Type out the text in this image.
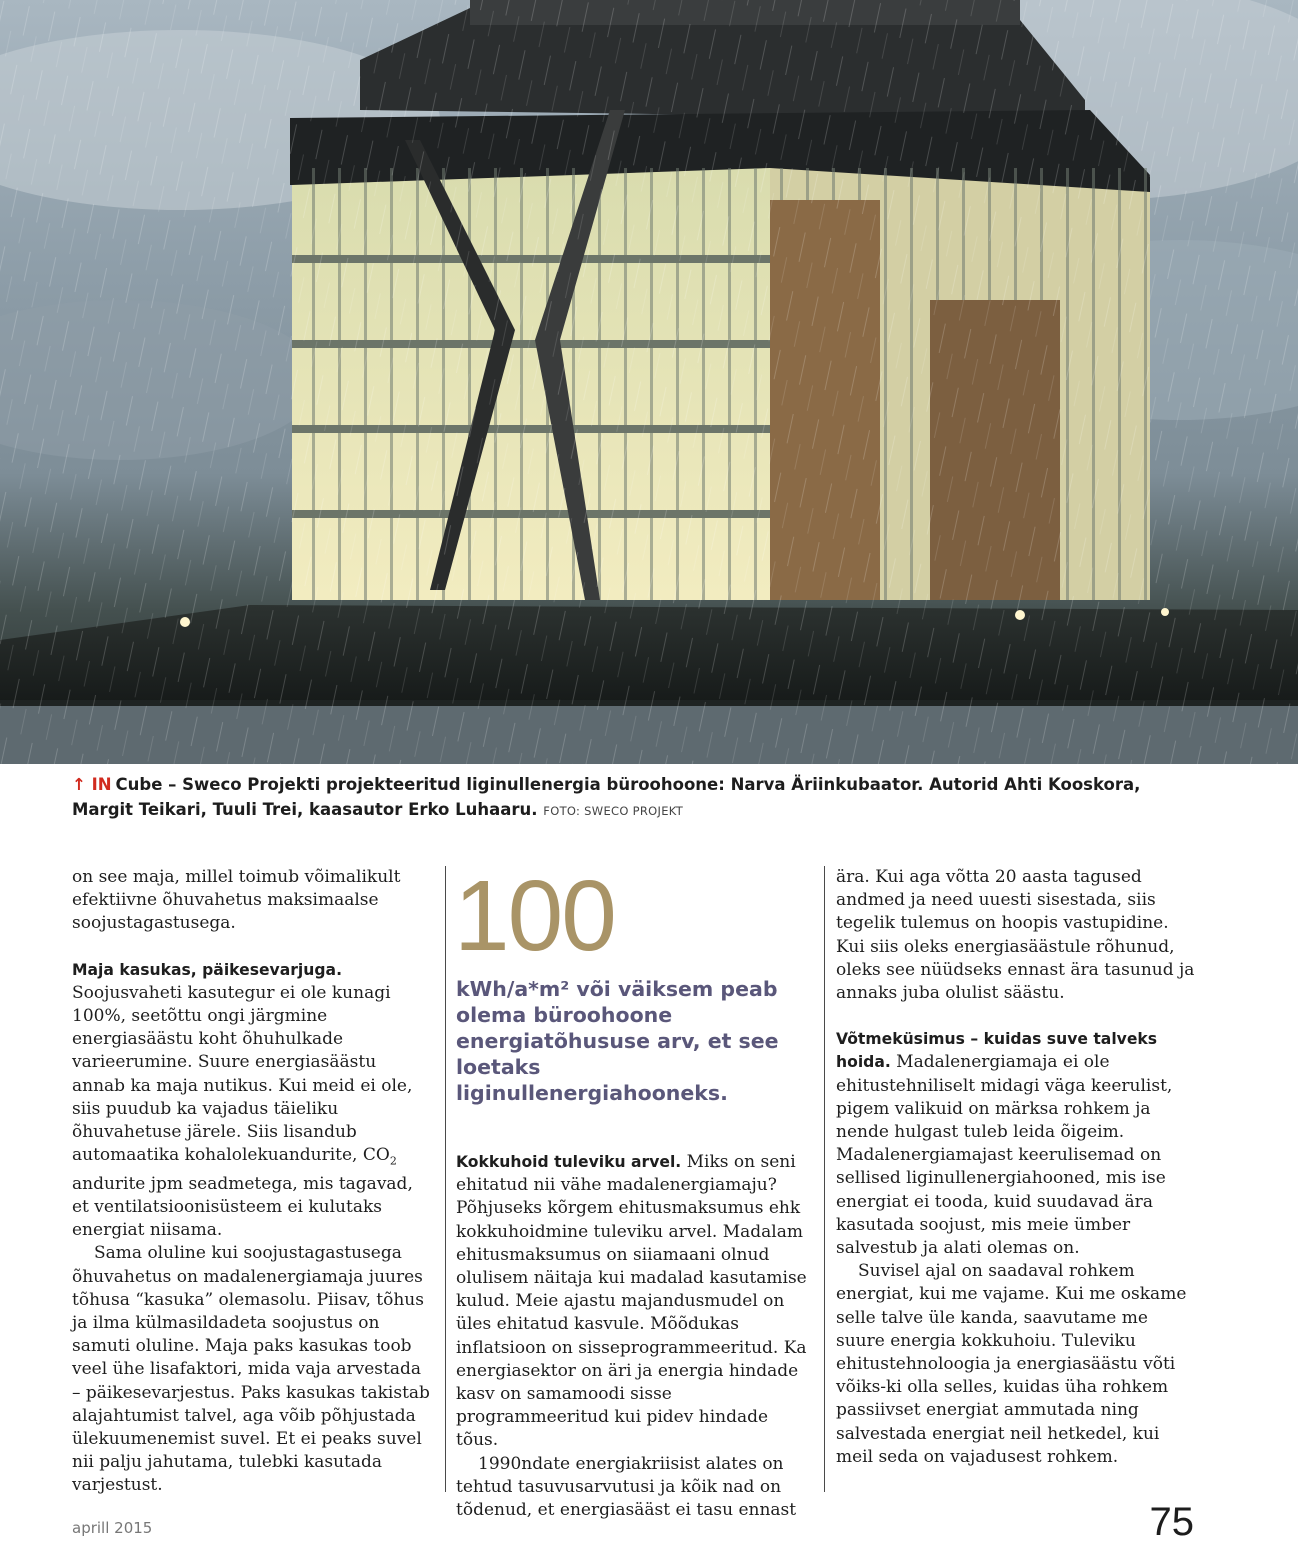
↑ IN Cube – Sweco Projekti projekteeritud liginullenergia büroohoone: Narva Äriinkubaator. Autorid Ahti Kooskora, Margit Teikari, Tuuli Trei, kaasautor Erko Luhaaru. FOTO: SWECO PROJEKT

on see maja, millel toimub võimalikult efektiivne õhuvahetus maksimaalse soojustagastusega.

Maja kasukas, päikesevarjuga. Soojusvaheti kasutegur ei ole kunagi 100%, seetõttu ongi järgmine energiasäästu koht õhuhulkade varieerumine. Suure energiasäästu annab ka maja nutikus. Kui meid ei ole, siis puudub ka vajadus täieliku õhuvahetuse järele. Siis lisandub automaatika kohalolekuandurite, $CO_2$ andurite jpm seadmetega, mis tagavad, et ventilatsioonisüsteem ei kulutaks energiat niisama.

Sama oluline kui soojustagastusega õhuvahetus on madalenergiamaja juures tõhusa “kasuka” olemasolu. Piisav, tõhus ja ilma külmasildadeta soojustus on samuti oluline. Maja paks kasukas toob veel ühe lisafaktori, mida vaja arvestada – päikesevarjestus. Paks kasukas takistab alajahtumist talvel, aga võib põhjustada ülekuumenemist suvel. Et ei peaks suvel nii palju jahutama, tulebki kasutada varjestust.

100
kWh/a*m² või väiksem peab olema büroohoone energiatõhususe arv, et see loetaks liginullenergiahooneks.

Kokkuhoid tuleviku arvel. Miks on seni ehitatud nii vähe madalenergiamaju? Põhjuseks kõrgem ehitusmaksumus ehk kokkuhoidmine tuleviku arvel. Madalam ehitusmaksumus on siiamaani olnud olulisem näitaja kui madalad kasutamise kulud. Meie ajastu majandusmudel on üles ehitatud kasvule. Mõõdukas inflatsioon on sisseprogrammeeritud. Ka energiasektor on äri ja energia hindade kasv on samamoodi sisse programmeeritud kui pidev hindade tõus.

1990ndate energiakriisist alates on tehtud tasuvusarvutusi ja kõik nad on tõdenud, et energiasääst ei tasu ennast

ära. Kui aga võtta 20 aasta tagused andmed ja need uuesti sisestada, siis tegelik tulemus on hoopis vastupidine. Kui siis oleks energiasäästule rõhunud, oleks see nüüdseks ennast ära tasunud ja annaks juba olulist säästu.

Võtmeküsimus – kuidas suve talveks hoida. Madalenergiamaja ei ole ehitustehniliselt midagi väga keerulist, pigem valikuid on märksa rohkem ja nende hulgast tuleb leida õigeim. Madalenergiamajast keerulisemad on sellised liginullenergiahooned, mis ise energiat ei tooda, kuid suudavad ära kasutada soojust, mis meie ümber salvestub ja alati olemas on.

Suvisel ajal on saadaval rohkem energiat, kui me vajame. Kui me oskame selle talve üle kanda, saavutame me suure energia kokkuhoiu. Tuleviku ehitustehnoloogia ja energiasäästu võti võiks-ki olla selles, kuidas üha rohkem passiivset energiat ammutada ning salvestada energiat neil hetkedel, kui meil seda on vajadusest rohkem.

aprill 2015	75
